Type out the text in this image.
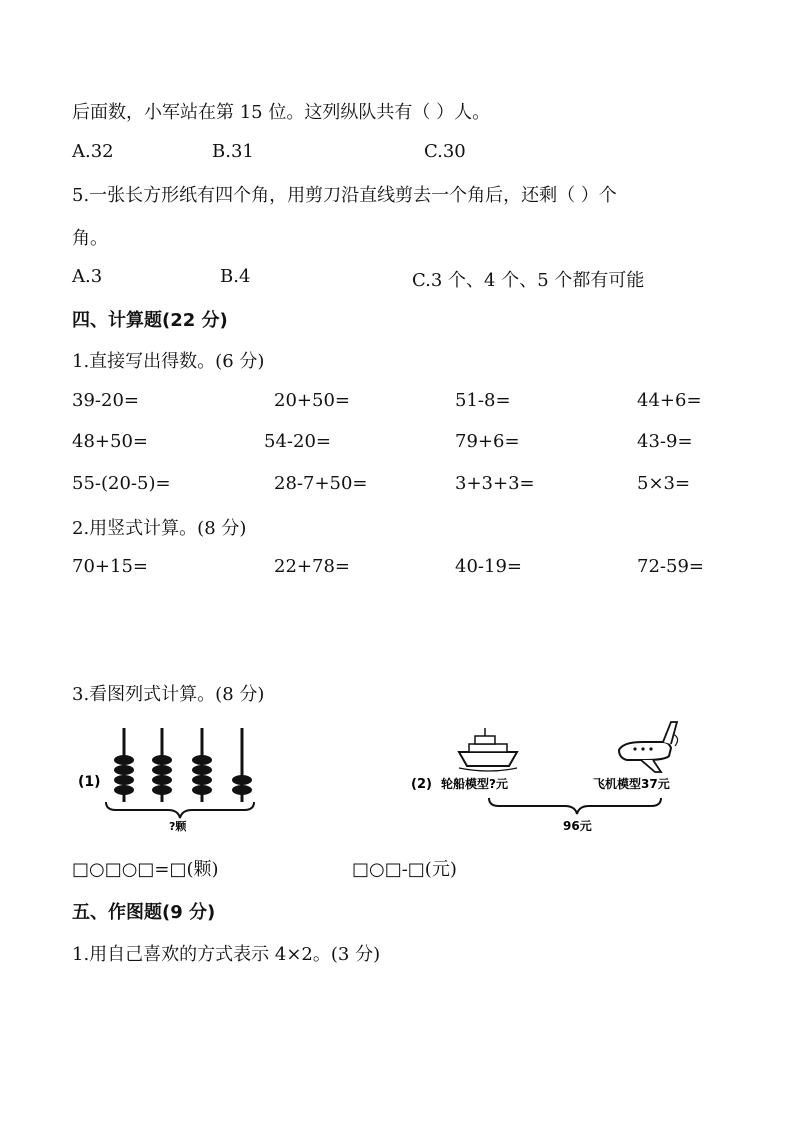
后面数，小军站在第 15 位。这列纵队共有（ ）人。
A.32	B.31	C.30
5.一张长方形纸有四个角，用剪刀沿直线剪去一个角后，还剩（ ）个
角。
A.3	B.4	C.3 个、4 个、5 个都有可能
四、计算题(22 分)
1.直接写出得数。(6 分)
39-20=	20+50=	51-8=	44+6=
48+50=	54-20=	79+6=	43-9=
55-(20-5)=	28-7+50=	3+3+3=	5×3=
2.用竖式计算。(8 分)
70+15=	22+78=	40-19=	72-59=
3.看图列式计算。(8 分)
(1)
?颗
(2) 轮船模型?元	飞机模型37元
96元
□○□○□=□(颗)	□○□-□(元)
五、作图题(9 分)
1.用自己喜欢的方式表示 4×2。(3 分)
